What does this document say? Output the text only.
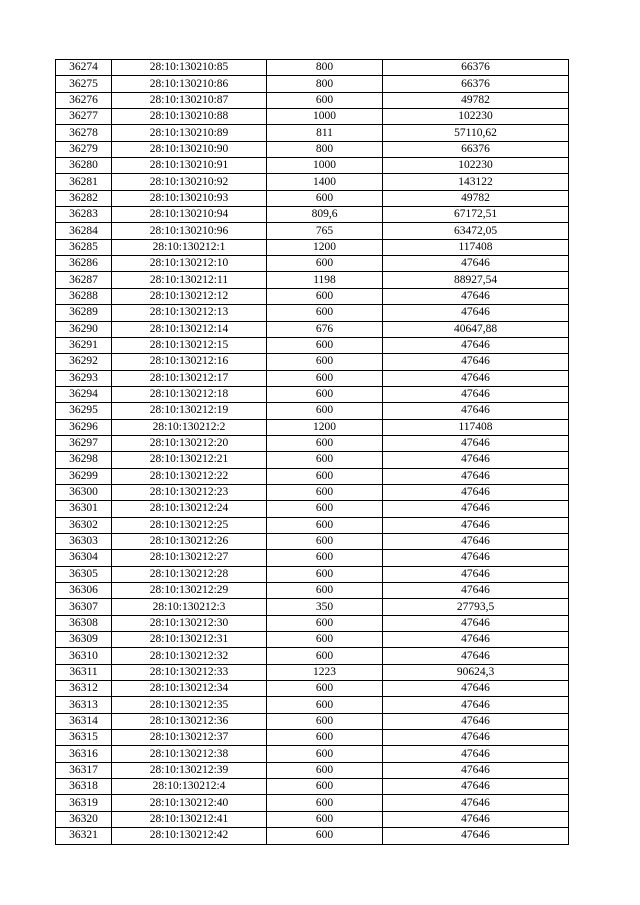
36274	28:10:130210:85	800	66376
36275	28:10:130210:86	800	66376
36276	28:10:130210:87	600	49782
36277	28:10:130210:88	1000	102230
36278	28:10:130210:89	811	57110,62
36279	28:10:130210:90	800	66376
36280	28:10:130210:91	1000	102230
36281	28:10:130210:92	1400	143122
36282	28:10:130210:93	600	49782
36283	28:10:130210:94	809,6	67172,51
36284	28:10:130210:96	765	63472,05
36285	28:10:130212:1	1200	117408
36286	28:10:130212:10	600	47646
36287	28:10:130212:11	1198	88927,54
36288	28:10:130212:12	600	47646
36289	28:10:130212:13	600	47646
36290	28:10:130212:14	676	40647,88
36291	28:10:130212:15	600	47646
36292	28:10:130212:16	600	47646
36293	28:10:130212:17	600	47646
36294	28:10:130212:18	600	47646
36295	28:10:130212:19	600	47646
36296	28:10:130212:2	1200	117408
36297	28:10:130212:20	600	47646
36298	28:10:130212:21	600	47646
36299	28:10:130212:22	600	47646
36300	28:10:130212:23	600	47646
36301	28:10:130212:24	600	47646
36302	28:10:130212:25	600	47646
36303	28:10:130212:26	600	47646
36304	28:10:130212:27	600	47646
36305	28:10:130212:28	600	47646
36306	28:10:130212:29	600	47646
36307	28:10:130212:3	350	27793,5
36308	28:10:130212:30	600	47646
36309	28:10:130212:31	600	47646
36310	28:10:130212:32	600	47646
36311	28:10:130212:33	1223	90624,3
36312	28:10:130212:34	600	47646
36313	28:10:130212:35	600	47646
36314	28:10:130212:36	600	47646
36315	28:10:130212:37	600	47646
36316	28:10:130212:38	600	47646
36317	28:10:130212:39	600	47646
36318	28:10:130212:4	600	47646
36319	28:10:130212:40	600	47646
36320	28:10:130212:41	600	47646
36321	28:10:130212:42	600	47646
